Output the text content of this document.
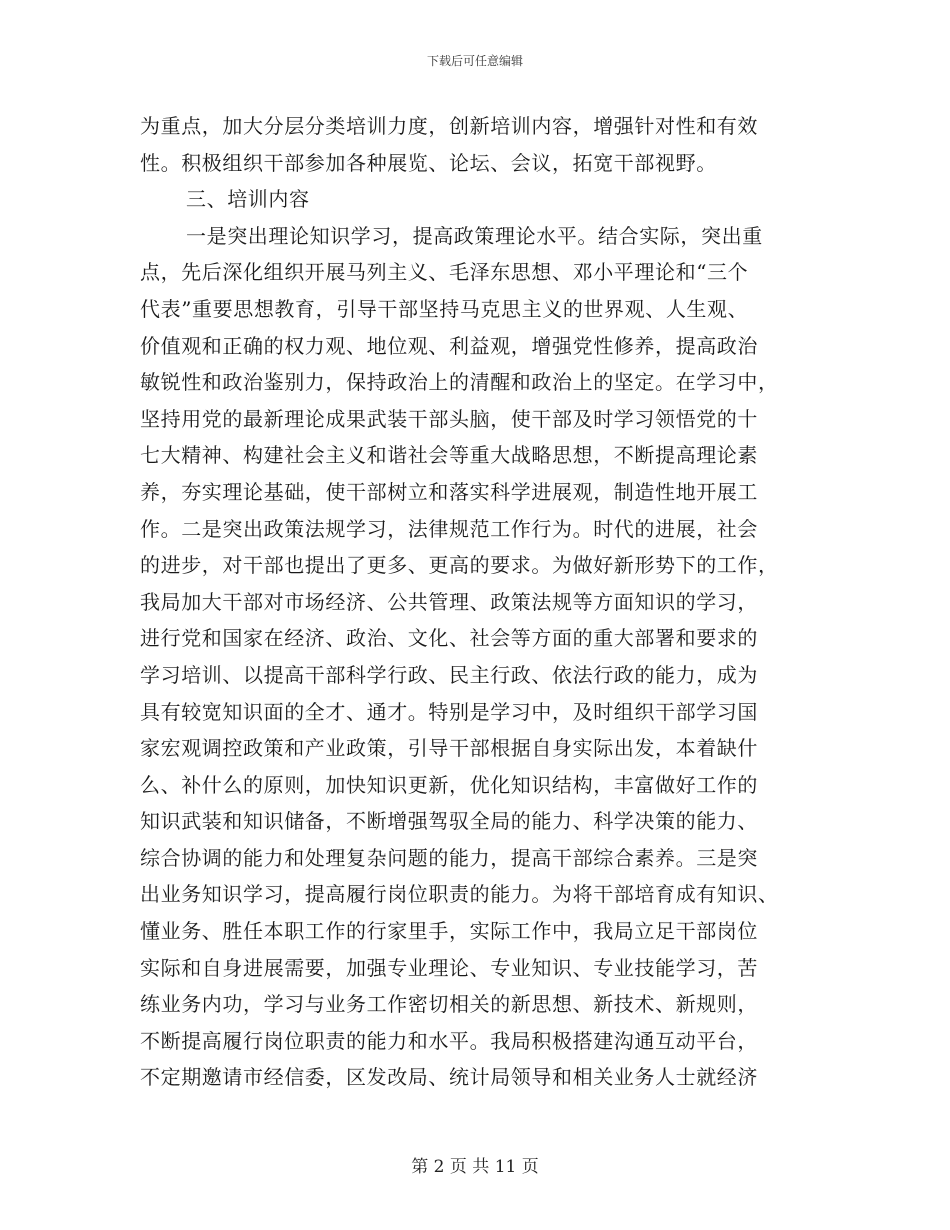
下载后可任意编辑
为重点，加大分层分类培训力度，创新培训内容，增强针对性和有效
性。积极组织干部参加各种展览、论坛、会议，拓宽干部视野。
三、培训内容
一是突出理论知识学习，提高政策理论水平。结合实际，突出重
点，先后深化组织开展马列主义、毛泽东思想、邓小平理论和“三个
代表”重要思想教育，引导干部坚持马克思主义的世界观、人生观、
价值观和正确的权力观、地位观、利益观，增强党性修养，提高政治
敏锐性和政治鉴别力，保持政治上的清醒和政治上的坚定。在学习中，
坚持用党的最新理论成果武装干部头脑，使干部及时学习领悟党的十
七大精神、构建社会主义和谐社会等重大战略思想，不断提高理论素
养，夯实理论基础，使干部树立和落实科学进展观，制造性地开展工
作。二是突出政策法规学习，法律规范工作行为。时代的进展，社会
的进步，对干部也提出了更多、更高的要求。为做好新形势下的工作，
我局加大干部对市场经济、公共管理、政策法规等方面知识的学习，
进行党和国家在经济、政治、文化、社会等方面的重大部署和要求的
学习培训、以提高干部科学行政、民主行政、依法行政的能力，成为
具有较宽知识面的全才、通才。特别是学习中，及时组织干部学习国
家宏观调控政策和产业政策，引导干部根据自身实际出发，本着缺什
么、补什么的原则，加快知识更新，优化知识结构，丰富做好工作的
知识武装和知识储备，不断增强驾驭全局的能力、科学决策的能力、
综合协调的能力和处理复杂问题的能力，提高干部综合素养。三是突
出业务知识学习，提高履行岗位职责的能力。为将干部培育成有知识、
懂业务、胜任本职工作的行家里手，实际工作中，我局立足干部岗位
实际和自身进展需要，加强专业理论、专业知识、专业技能学习，苦
练业务内功，学习与业务工作密切相关的新思想、新技术、新规则，
不断提高履行岗位职责的能力和水平。我局积极搭建沟通互动平台，
不定期邀请市经信委，区发改局、统计局领导和相关业务人士就经济
第 2 页 共 11 页
